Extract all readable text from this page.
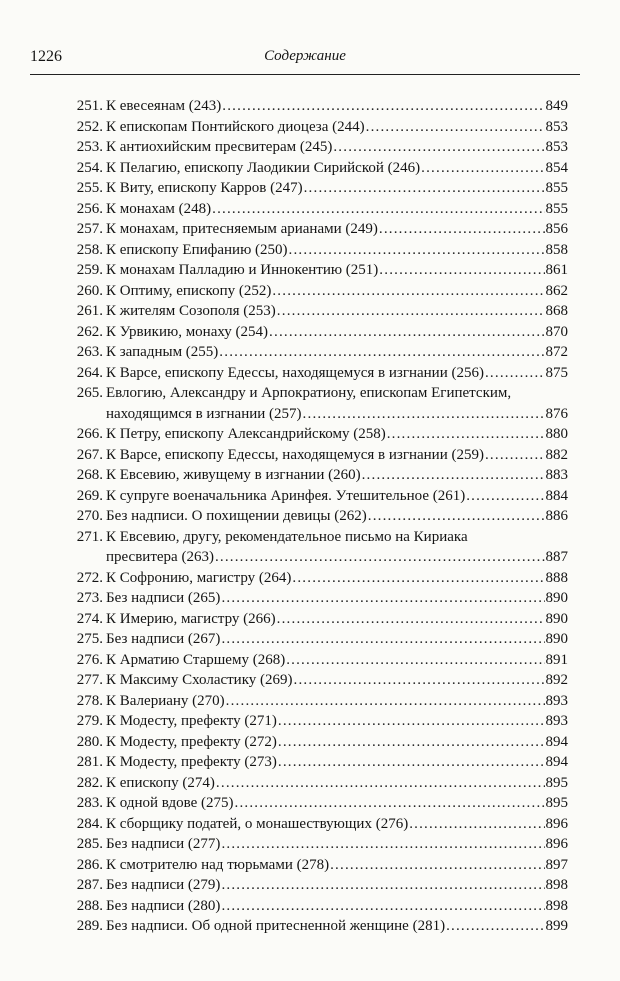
1226	Содержание
251. К евесеянам (243) .....	849
252. К епископам Понтийского диоцеза (244) .....	853
253. К антиохийским пресвитерам (245) .....	853
254. К Пелагию, епископу Лаодикии Сирийской (246) .....	854
255. К Виту, епископу Карров (247) .....	855
256. К монахам (248) .....	855
257. К монахам, притесняемым арианами (249) .....	856
258. К епископу Епифанию (250) .....	858
259. К монахам Палладию и Иннокентию (251) .....	861
260. К Оптиму, епископу (252) .....	862
261. К жителям Созополя (253) .....	868
262. К Урвикию, монаху (254) .....	870
263. К западным (255) .....	872
264. К Варсе, епископу Едессы, находящемуся в изгнании (256) .....	875
265. Евлогию, Александру и Арпократиону, епископам Египетским,
находящимся в изгнании (257) .....	876
266. К Петру, епископу Александрийскому (258) .....	880
267. К Варсе, епископу Едессы, находящемуся в изгнании (259) .....	882
268. К Евсевию, живущему в изгнании (260) .....	883
269. К супруге военачальника Аринфея. Утешительное (261) .....	884
270. Без надписи. О похищении девицы (262) .....	886
271. К Евсевию, другу, рекомендательное письмо на Кириака
пресвитера (263) .....	887
272. К Софронию, магистру (264) .....	888
273. Без надписи (265) .....	890
274. К Имерию, магистру (266) .....	890
275. Без надписи (267) .....	890
276. К Арматию Старшему (268) .....	891
277. К Максиму Схоластику (269) .....	892
278. К Валериану (270) .....	893
279. К Модесту, префекту (271) .....	893
280. К Модесту, префекту (272) .....	894
281. К Модесту, префекту (273) .....	894
282. К епископу (274) .....	895
283. К одной вдове (275) .....	895
284. К сборщику податей, о монашествующих (276) .....	896
285. Без надписи (277) .....	896
286. К смотрителю над тюрьмами (278) .....	897
287. Без надписи (279) .....	898
288. Без надписи (280) .....	898
289. Без надписи. Об одной притесненной женщине (281) .....	899
